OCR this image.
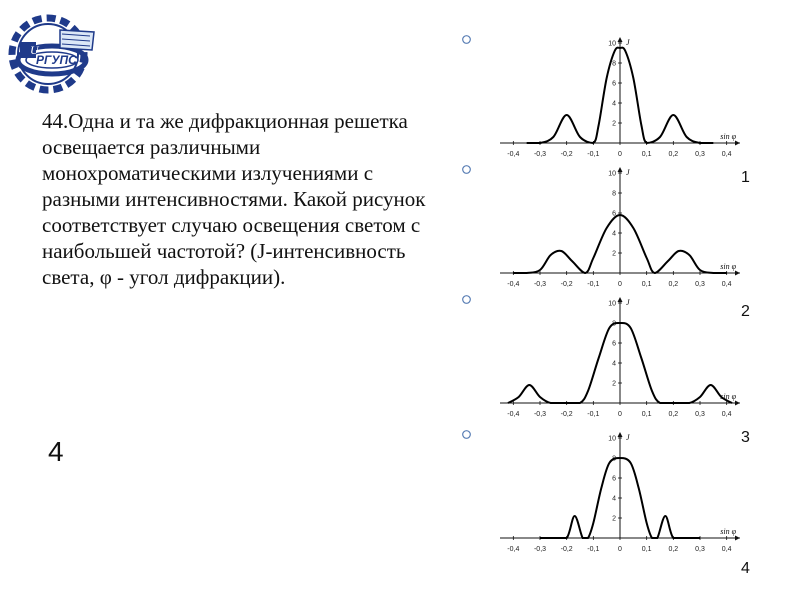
U
РГУПС
44.Одна и та же дифракционная решетка освещается различными монохроматическими излучениями с разными интенсивностями. Какой рисунок соответствует случаю освещения светом с наибольшей частотой? (J-интенсивность света, φ - угол дифракции).
4
1
2
3
4
-0,4 -0,3 -0,2 -0,1	0	0,1 0,2 0,3 0,4
2
4
6
8
10
sin φ
J
-0,4 -0,3 -0,2 -0,1	0	0,1 0,2 0,3 0,4
2
4
6
8
10
sin φ
J
-0,4 -0,3 -0,2 -0,1	0	0,1 0,2 0,3 0,4
2
4
6
8
10
sin φ
J
-0,4 -0,3 -0,2 -0,1	0	0,1 0,2 0,3 0,4
2
4
6
8
10
sin φ
J
